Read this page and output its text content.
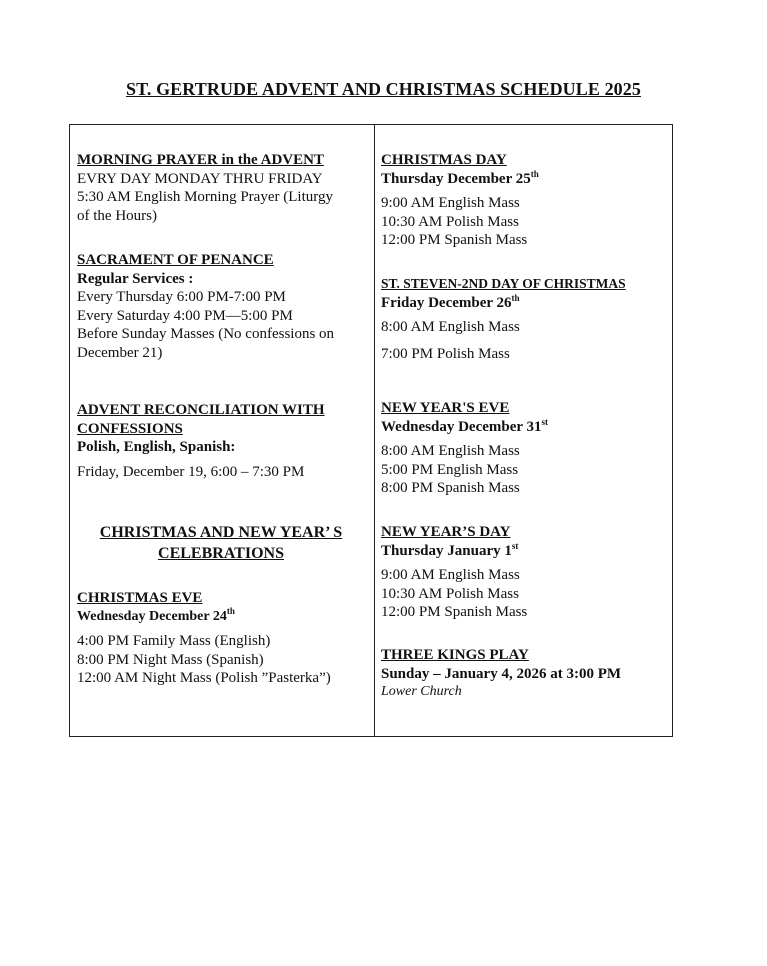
ST. GERTRUDE ADVENT AND CHRISTMAS SCHEDULE 2025
MORNING PRAYER in the ADVENT
EVRY DAY MONDAY THRU FRIDAY
5:30 AM English Morning Prayer (Liturgy
of the Hours)
SACRAMENT OF PENANCE
Regular Services :
Every Thursday 6:00 PM-7:00 PM
Every Saturday 4:00 PM—5:00 PM
Before Sunday Masses (No confessions on
December 21)
ADVENT RECONCILIATION WITH
CONFESSIONS
Polish, English, Spanish:
Friday, December 19, 6:00 – 7:30 PM
CHRISTMAS AND NEW YEAR’ S
CELEBRATIONS
CHRISTMAS EVE
Wednesday December 24th
4:00 PM Family Mass (English)
8:00 PM Night Mass (Spanish)
12:00 AM Night Mass (Polish ”Pasterka”)
CHRISTMAS DAY
Thursday December 25th
9:00 AM English Mass
10:30 AM Polish Mass
12:00 PM Spanish Mass
ST. STEVEN-2ND DAY OF CHRISTMAS
Friday December 26th
8:00 AM English Mass
7:00 PM Polish Mass
NEW YEAR'S EVE
Wednesday December 31st
8:00 AM English Mass
5:00 PM English Mass
8:00 PM Spanish Mass
NEW YEAR’S DAY
Thursday January 1st
9:00 AM English Mass
10:30 AM Polish Mass
12:00 PM Spanish Mass
THREE KINGS PLAY
Sunday – January 4, 2026 at 3:00 PM
Lower Church
